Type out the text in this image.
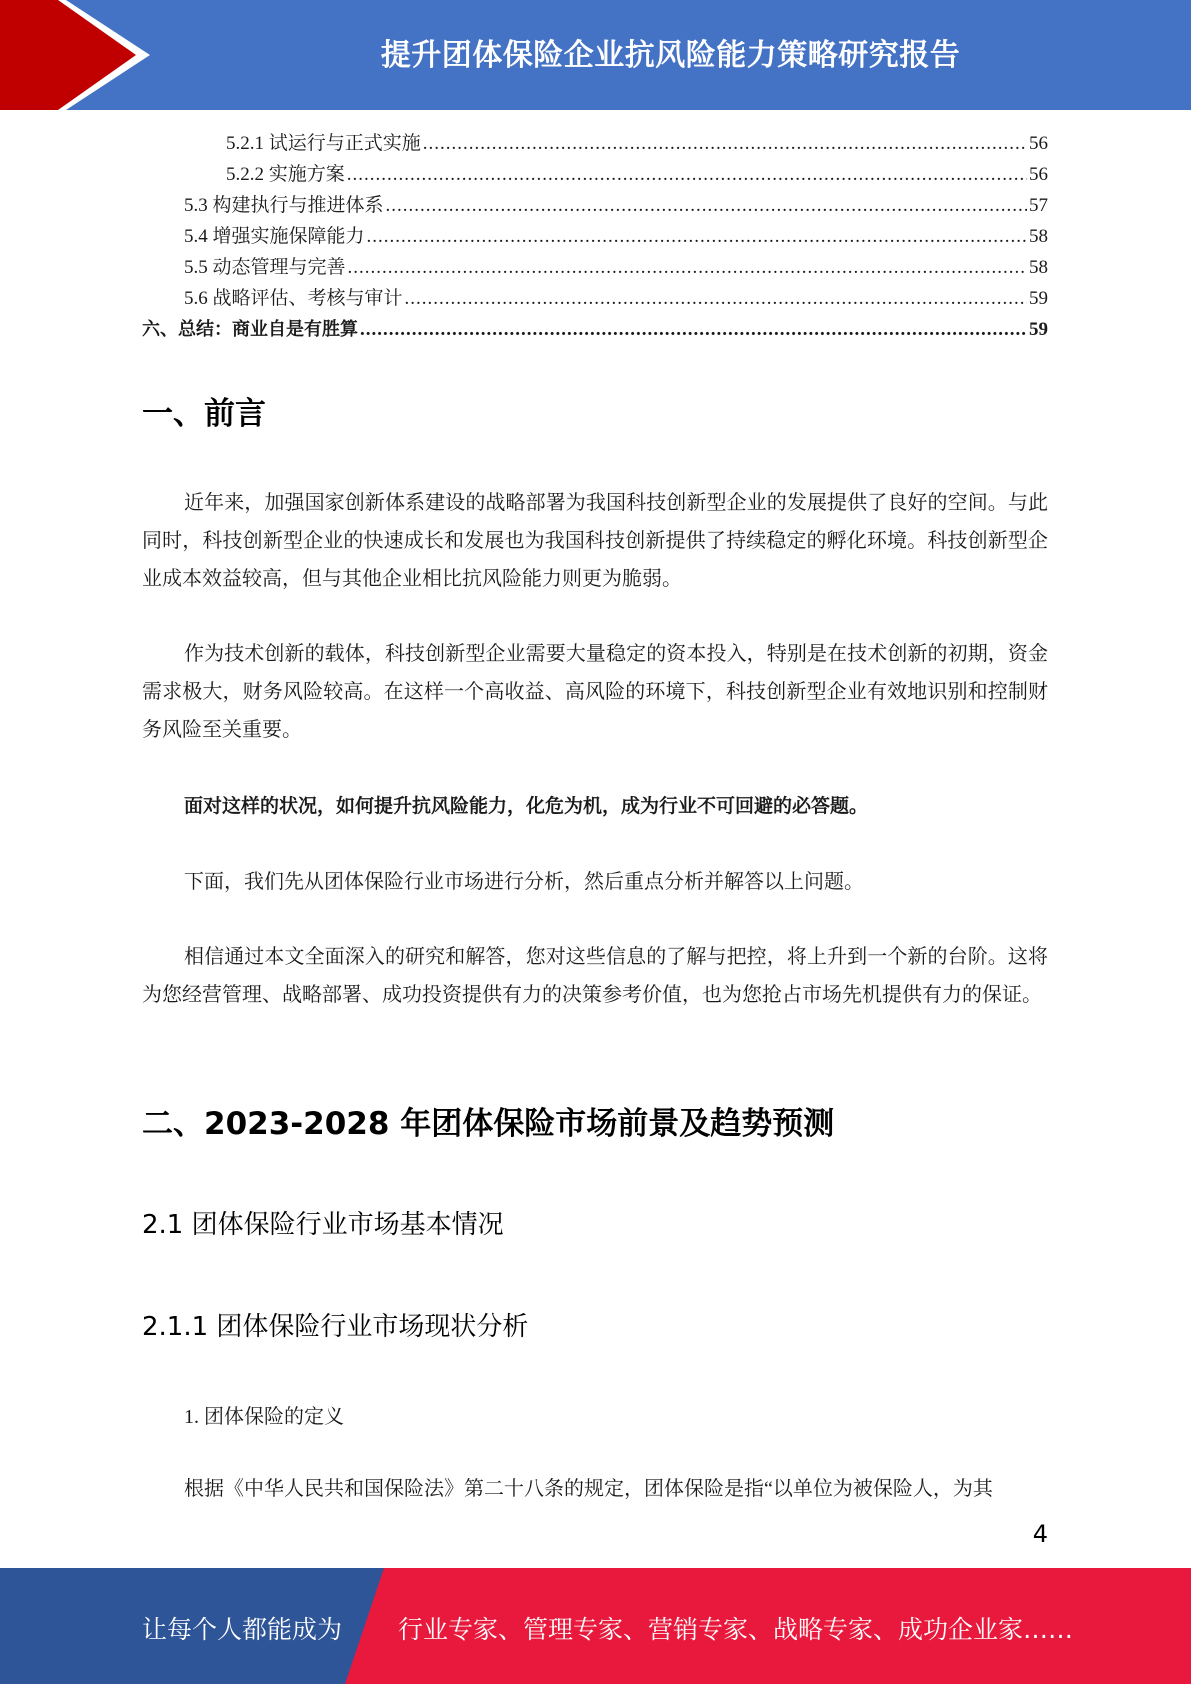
提升团体保险企业抗风险能力策略研究报告
5.2.1 试运行与正式实施 .....	56
5.2.2 实施方案 .....	56
5.3 构建执行与推进体系 .....	57
5.4 增强实施保障能力 .....	58
5.5 动态管理与完善 .....	58
5.6 战略评估、考核与审计 .....	59
六、总结：商业自是有胜算 .....	59
一、前言

近年来，加强国家创新体系建设的战略部署为我国科技创新型企业的发展提供了良好的空间。与此同时，科技创新型企业的快速成长和发展也为我国科技创新提供了持续稳定的孵化环境。科技创新型企业成本效益较高，但与其他企业相比抗风险能力则更为脆弱。

作为技术创新的载体，科技创新型企业需要大量稳定的资本投入，特别是在技术创新的初期，资金需求极大，财务风险较高。在这样一个高收益、高风险的环境下，科技创新型企业有效地识别和控制财务风险至关重要。

面对这样的状况，如何提升抗风险能力，化危为机，成为行业不可回避的必答题。

下面，我们先从团体保险行业市场进行分析，然后重点分析并解答以上问题。

相信通过本文全面深入的研究和解答，您对这些信息的了解与把控，将上升到一个新的台阶。这将为您经营管理、战略部署、成功投资提供有力的决策参考价值，也为您抢占市场先机提供有力的保证。

二、2023-2028 年团体保险市场前景及趋势预测
2.1 团体保险行业市场基本情况
2.1.1 团体保险行业市场现状分析
1. 团体保险的定义

根据《中华人民共和国保险法》第二十八条的规定，团体保险是指“以单位为被保险人，为其

4
让每个人都能成为 行业专家、管理专家、营销专家、战略专家、成功企业家……
